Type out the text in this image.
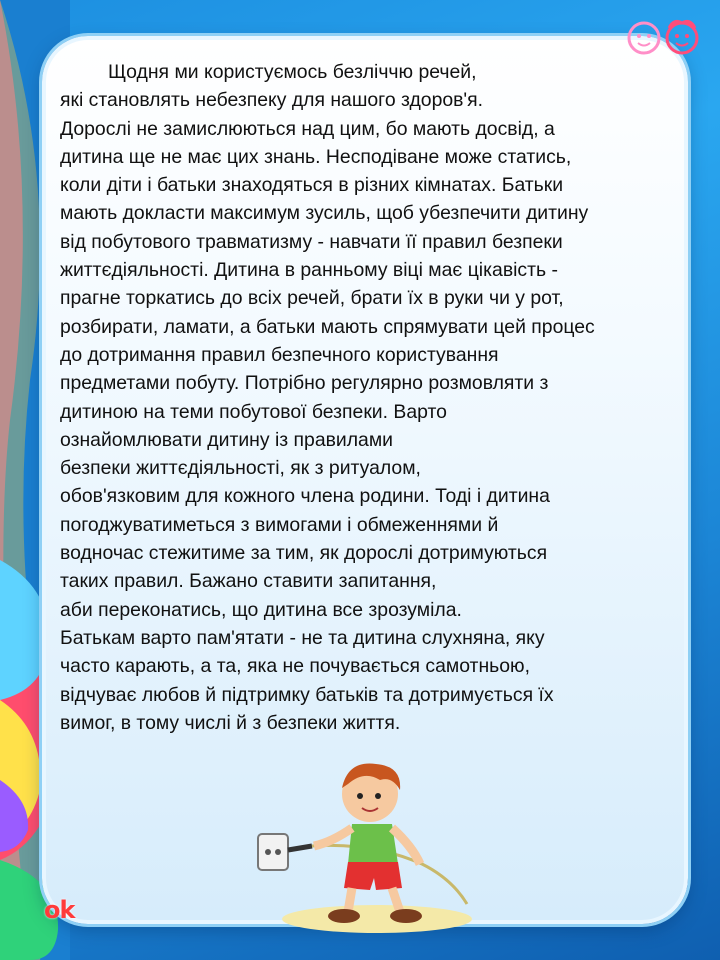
Щодня ми користуємось безліччю речей,
які становлять небезпеку для нашого здоров'я.
Дорослі не замислюються над цим, бо мають досвід, а
дитина ще не має цих знань. Несподіване може статись,
коли діти і батьки знаходяться в різних кімнатах. Батьки
мають докласти максимум зусиль, щоб убезпечити дитину
від побутового травматизму - навчати її правил безпеки
життєдіяльності. Дитина в ранньому віці має цікавість -
прагне торкатись до всіх речей, брати їх в руки чи у рот,
розбирати, ламати, а батьки мають спрямувати цей процес
до дотримання правил безпечного користування
предметами побуту. Потрібно регулярно розмовляти з
дитиною на теми побутової безпеки. Варто
ознайомлювати дитину із правилами
безпеки життєдіяльності, як з ритуалом,
обов'язковим для кожного члена родини. Тоді і дитина
погоджуватиметься з вимогами і обмеженнями й
водночас стежитиме за тим, як дорослі дотримуються
таких правил. Бажано ставити запитання,
аби переконатись, що дитина все зрозуміла.
Батькам варто пам'ятати - не та дитина слухняна, яку
часто карають, а та, яка не почувається самотньою,
відчуває любов й підтримку батьків та дотримується їх
вимог, в тому числі й з безпеки життя.
ok
